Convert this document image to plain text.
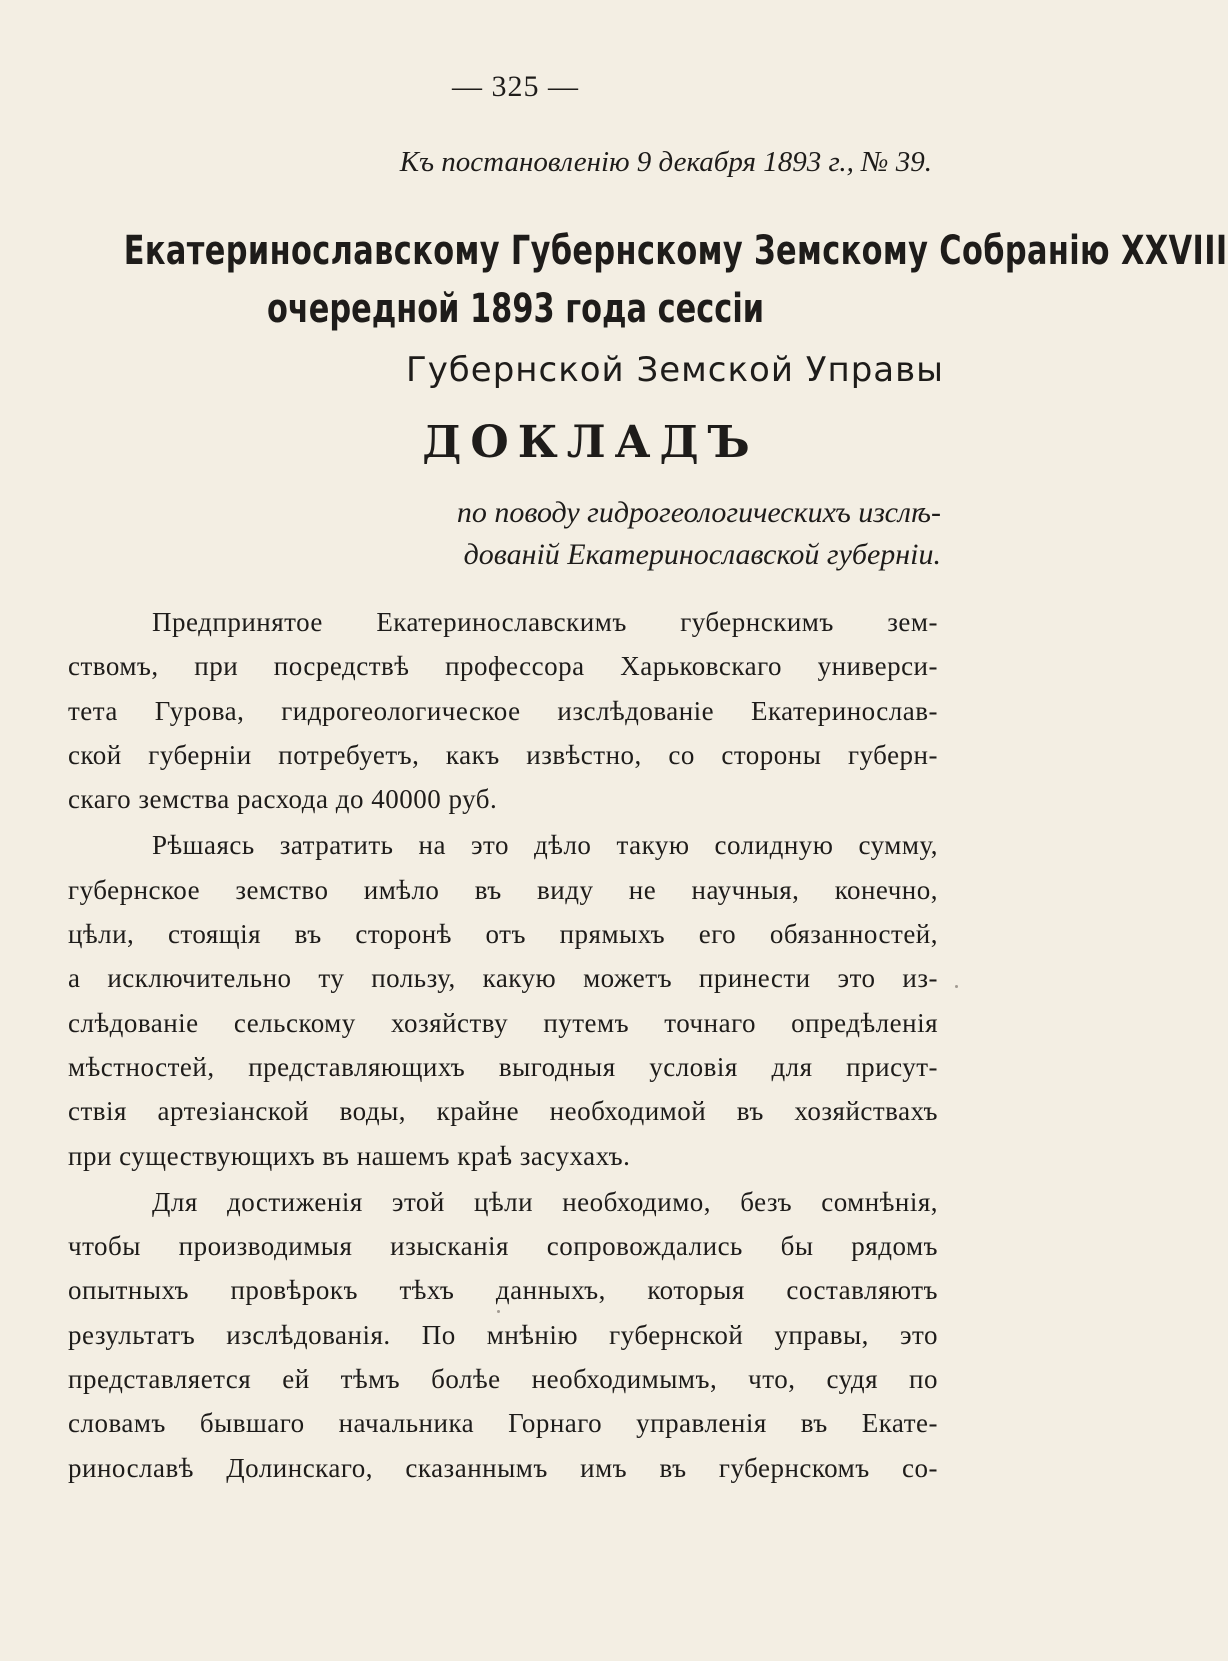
— 325 —
Къ постановленію 9 декабря 1893 г., № 39.
Екатеринославскому Губернскому Земскому Собранію XXVIII
очередной 1893 года сессіи
Губернской Земской Управы
ДОКЛАДЪ
по поводу гидрогеологическихъ изслѣ-
дованій Екатеринославской губерніи.
Предпринятое Екатеринославскимъ губернскимъ зем-
ствомъ, при посредствѣ профессора Харьковскаго универси-
тета Гурова, гидрогеологическое изслѣдованіе Екатеринослав-
ской губерніи потребуетъ, какъ извѣстно, со стороны губерн-
скаго земства расхода до 40000 руб.
Рѣшаясь затратить на это дѣло такую солидную сумму,
губернское земство имѣло въ виду не научныя, конечно,
цѣли, стоящія въ сторонѣ отъ прямыхъ его обязанностей,
а исключительно ту пользу, какую можетъ принести это из-
слѣдованіе сельскому хозяйству путемъ точнаго опредѣленія
мѣстностей, представляющихъ выгодныя условія для присут-
ствія артезіанской воды, крайне необходимой въ хозяйствахъ
при существующихъ въ нашемъ краѣ засухахъ.
Для достиженія этой цѣли необходимо, безъ сомнѣнія,
чтобы производимыя изысканія сопровождались бы рядомъ
опытныхъ провѣрокъ тѣхъ данныхъ, которыя составляютъ
результатъ изслѣдованія. По мнѣнію губернской управы, это
представляется ей тѣмъ болѣе необходимымъ, что, судя по
словамъ бывшаго начальника Горнаго управленія въ Екате-
ринославѣ Долинскаго, сказаннымъ имъ въ губернскомъ со-
